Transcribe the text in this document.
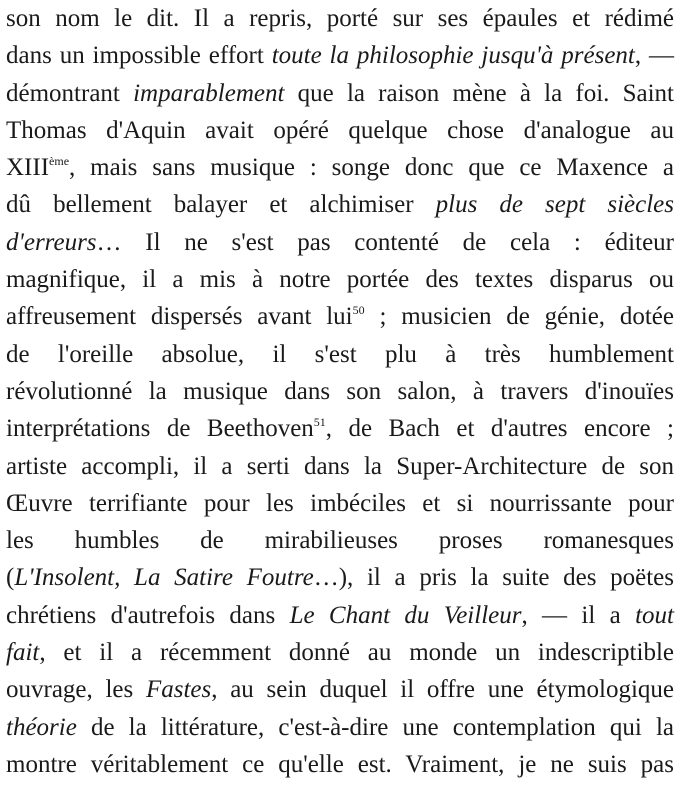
son nom le dit. Il a repris, porté sur ses épaules et rédimé
dans un impossible effort toute la philosophie jusqu'à présent, —
démontrant imparablement que la raison mène à la foi. Saint
Thomas d'Aquin avait opéré quelque chose d'analogue au
XIIIème, mais sans musique : songe donc que ce Maxence a
dû bellement balayer et alchimiser plus de sept siècles
d'erreurs… Il ne s'est pas contenté de cela : éditeur
magnifique, il a mis à notre portée des textes disparus ou
affreusement dispersés avant lui$^{50}$ ; musicien de génie, dotée
de l'oreille absolue, il s'est plu à très humblement
révolutionné la musique dans son salon, à travers d'inouïes
interprétations de Beethoven$^{51}$, de Bach et d'autres encore ;
artiste accompli, il a serti dans la Super-Architecture de son
Œuvre terrifiante pour les imbéciles et si nourrissante pour
les humbles de mirabilieuses proses romanesques
(L'Insolent, La Satire Foutre…), il a pris la suite des poëtes
chrétiens d'autrefois dans Le Chant du Veilleur, — il a tout
fait, et il a récemment donné au monde un indescriptible
ouvrage, les Fastes, au sein duquel il offre une étymologique
théorie de la littérature, c'est-à-dire une contemplation qui la
montre véritablement ce qu'elle est. Vraiment, je ne suis pas
